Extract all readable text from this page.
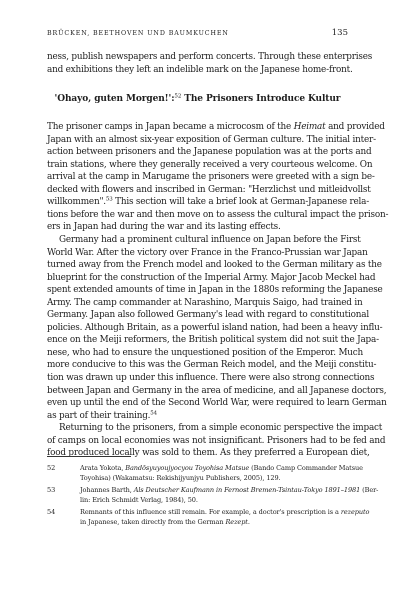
BRÜCKEN, BEETHOVEN UND BAUMKUCHEN	135

ness, publish newspapers and perform concerts. Through these enterprises
and exhibitions they left an indelible mark on the Japanese home-front.

'Ohayo, guten Morgen!':$^{52}$ The Prisoners Introduce Kultur

The prisoner camps in Japan became a microcosm of the Heimat and provided
Japan with an almost six-year exposition of German culture. The initial inter-
action between prisoners and the Japanese population was at the ports and
train stations, where they generally received a very courteous welcome. On
arrival at the camp in Marugame the prisoners were greeted with a sign be-
decked with flowers and inscribed in German: "Herzlichst und mitleidvollst
willkommen".$^{53}$ This section will take a brief look at German-Japanese rela-
tions before the war and then move on to assess the cultural impact the prison-
ers in Japan had during the war and its lasting effects.

Germany had a prominent cultural influence on Japan before the First
World War. After the victory over France in the Franco-Prussian war Japan
turned away from the French model and looked to the German military as the
blueprint for the construction of the Imperial Army. Major Jacob Meckel had
spent extended amounts of time in Japan in the 1880s reforming the Japanese
Army. The camp commander at Narashino, Marquis Saigo, had trained in
Germany. Japan also followed Germany's lead with regard to constitutional
policies. Although Britain, as a powerful island nation, had been a heavy influ-
ence on the Meiji reformers, the British political system did not suit the Japa-
nese, who had to ensure the unquestioned position of the Emperor. Much
more conducive to this was the German Reich model, and the Meiji constitu-
tion was drawn up under this influence. There were also strong connections
between Japan and Germany in the area of medicine, and all Japanese doctors,
even up until the end of the Second World War, were required to learn German
as part of their training.$^{54}$

Returning to the prisoners, from a simple economic perspective the impact
of camps on local economies was not insignificant. Prisoners had to be fed and
food produced locally was sold to them. As they preferred a European diet,

52	Arata Yokota, Bandōsyuyoujyocyou Toyohisa Matsue (Bando Camp Commander Matsue
Toyohisa) (Wakamatsu: Rekishijyunjyu Publishers, 2005), 129.
53	Johannes Barth, Als Deutscher Kaufmann in Fernost Bremen-Tsintau-Tokyo 1891–1981 (Ber-
lin: Erich Schmidt Verlag, 1984), 50.
54	Remnants of this influence still remain. For example, a doctor's prescription is a rezeputo
in Japanese, taken directly from the German Rezept.
